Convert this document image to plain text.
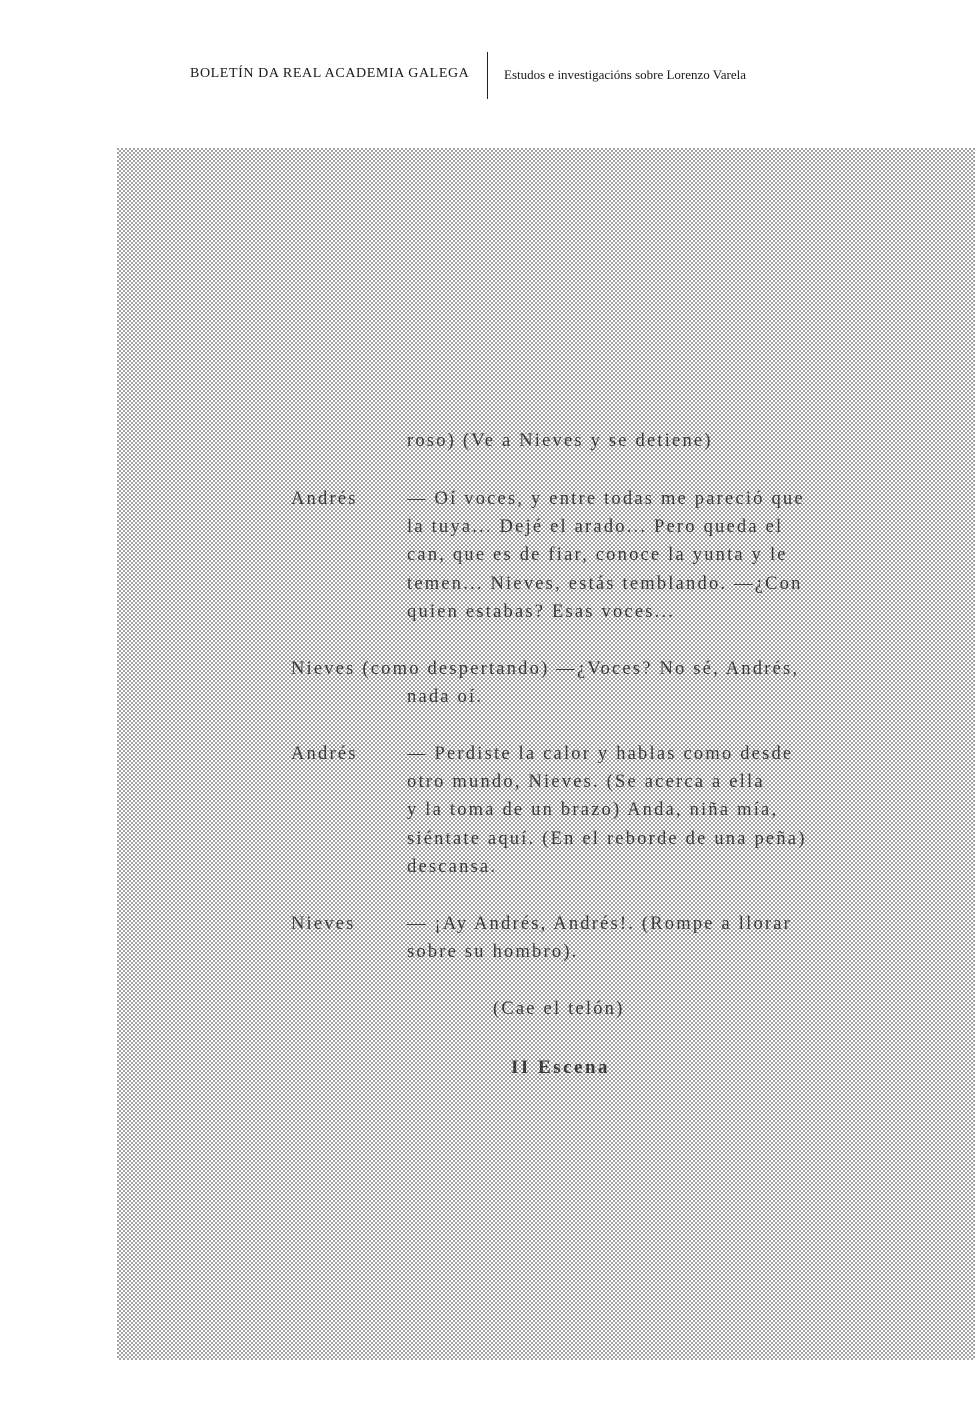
BOLETÍN DA REAL ACADEMIA GALEGA	Estudos e investigacións sobre Lorenzo Varela
roso) (Ve a Nieves y se detiene)
Andrés	— Oí voces, y entre todas me pareció que
la tuya... Dejé el arado... Pero queda el
can, que es de fiar, conoce la yunta y le
temen... Nieves, estás temblando. —¿Con
quien estabas? Esas voces...
Nieves (como despertando) —¿Voces? No sé, Andrés,
nada oí.
Andrés	— Perdiste la calor y hablas como desde
otro mundo, Nieves. (Se acerca a ella
y la toma de un brazo) Anda, niña mía,
siéntate aquí. (En el reborde de una peña)
descansa.
Nieves	— ¡Ay Andrés, Andrés!. (Rompe a llorar
sobre su hombro).
(Cae el telón)
II Escena
